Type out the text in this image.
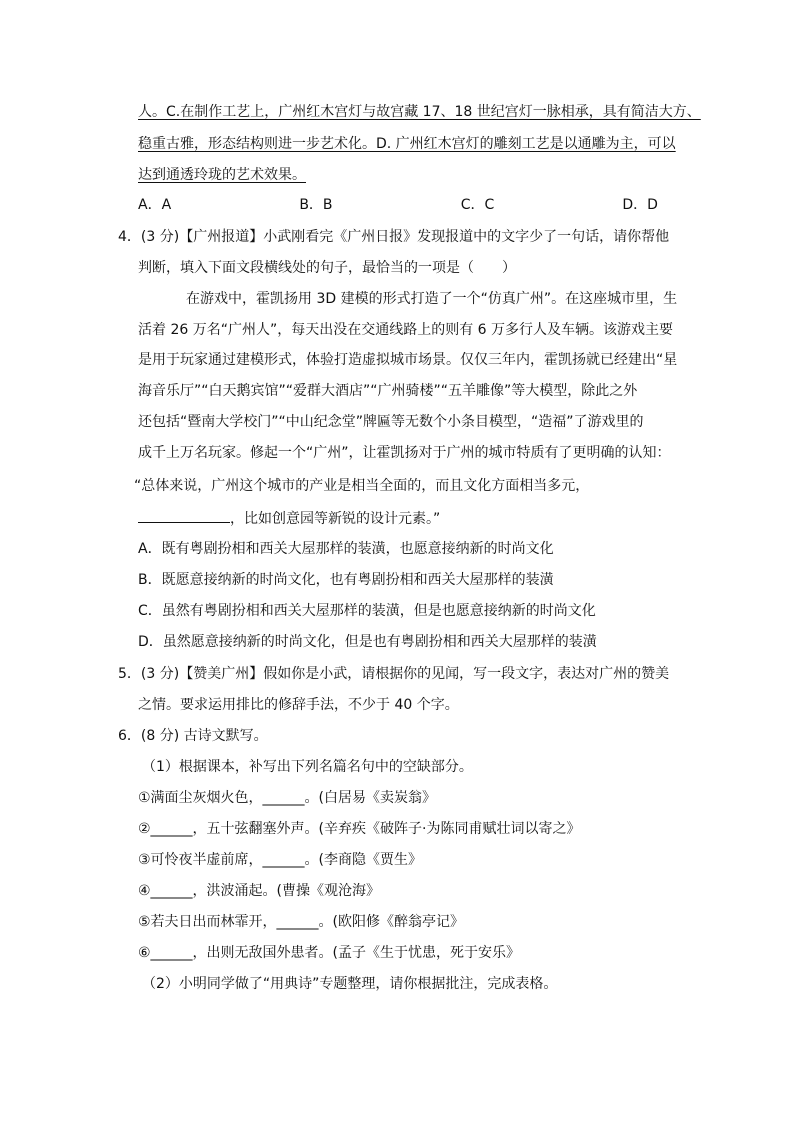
人。C.在制作工艺上，广州红木宫灯与故宫藏 17、18 世纪宫灯一脉相承，具有简洁大方、
稳重古雅，形态结构则进一步艺术化。D. 广州红木宫灯的雕刻工艺是以通雕为主，可以
达到通透玲珑的艺术效果。
A．A	B．B	C．C	D．D
4．(3 分)【广州报道】小武刚看完《广州日报》发现报道中的文字少了一句话，请你帮他
判断，填入下面文段横线处的句子，最恰当的一项是（　　）
在游戏中，霍凯扬用 3D 建模的形式打造了一个“仿真广州”。在这座城市里，生
活着 26 万名“广州人”，每天出没在交通线路上的则有 6 万多行人及车辆。该游戏主要
是用于玩家通过建模形式，体验打造虚拟城市场景。仅仅三年内，霍凯扬就已经建出“星
海音乐厅”“白天鹅宾馆”“爱群大酒店”“广州骑楼”“五羊雕像”等大模型，除此之外
还包括“暨南大学校门”“中山纪念堂”牌匾等无数个小条目模型，“造福”了游戏里的
成千上万名玩家。修起一个“广州”，让霍凯扬对于广州的城市特质有了更明确的认知：
“总体来说，广州这个城市的产业是相当全面的，而且文化方面相当多元，
，比如创意园等新锐的设计元素。”
A．既有粤剧扮相和西关大屋那样的装潢，也愿意接纳新的时尚文化
B．既愿意接纳新的时尚文化，也有粤剧扮相和西关大屋那样的装潢
C．虽然有粤剧扮相和西关大屋那样的装潢，但是也愿意接纳新的时尚文化
D．虽然愿意接纳新的时尚文化，但是也有粤剧扮相和西关大屋那样的装潢
5．(3 分)【赞美广州】假如你是小武，请根据你的见闻，写一段文字，表达对广州的赞美
之情。要求运用排比的修辞手法，不少于 40 个字。
6．(8 分) 古诗文默写。
（1）根据课本，补写出下列名篇名句中的空缺部分。
①满面尘灰烟火色，______。(白居易《卖炭翁》
②______，五十弦翻塞外声。(辛弃疾《破阵子·为陈同甫赋壮词以寄之》
③可怜夜半虚前席，______。(李商隐《贾生》
④______，洪波涌起。(曹操《观沧海》
⑤若夫日出而林霏开，______。(欧阳修《醉翁亭记》
⑥______，出则无敌国外患者。(孟子《生于忧患，死于安乐》
（2）小明同学做了“用典诗”专题整理，请你根据批注，完成表格。
